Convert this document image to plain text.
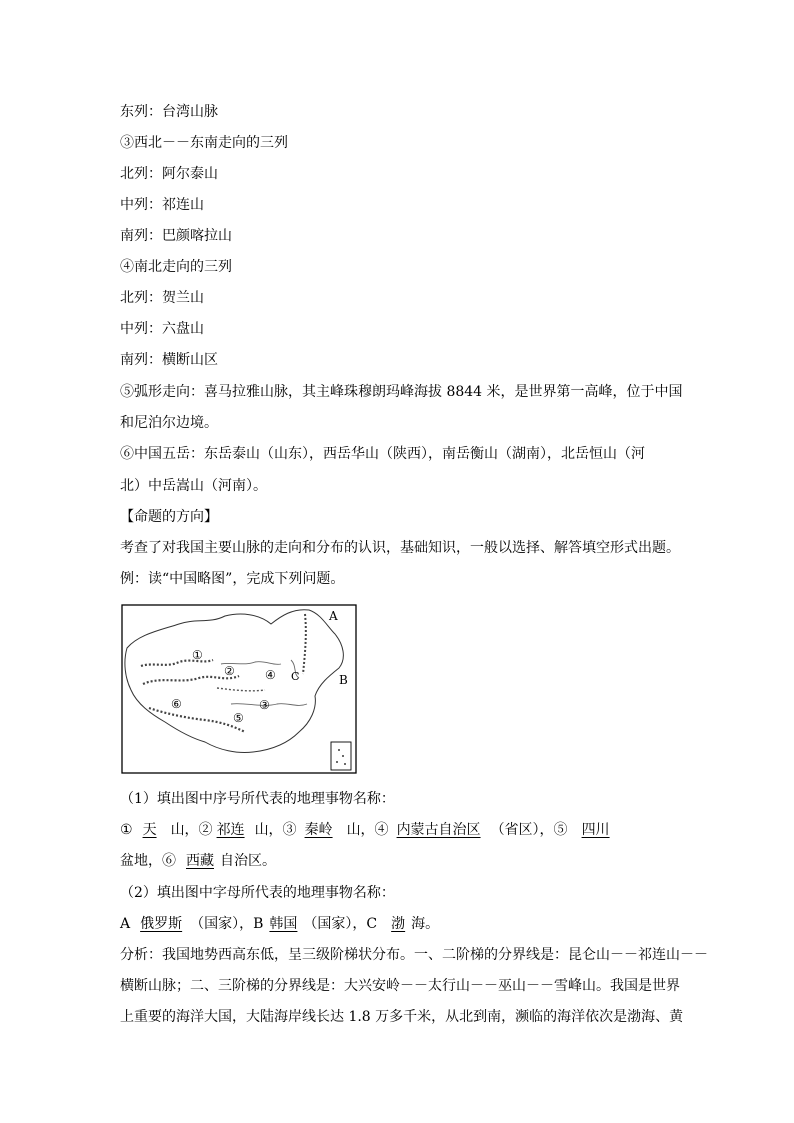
东列：台湾山脉
③西北－－东南走向的三列
北列：阿尔泰山
中列：祁连山
南列：巴颜喀拉山
④南北走向的三列
北列：贺兰山
中列：六盘山
南列：横断山区
⑤弧形走向：喜马拉雅山脉，其主峰珠穆朗玛峰海拔 8844 米，是世界第一高峰，位于中国
和尼泊尔边境。
⑥中国五岳：东岳泰山（山东），西岳华山（陕西），南岳衡山（湖南），北岳恒山（河
北）中岳嵩山（河南）。
【命题的方向】
考查了对我国主要山脉的走向和分布的认识，基础知识，一般以选择、解答填空形式出题。
例：读“中国略图”，完成下列问题。
①
②
③
④
⑤
⑥
A
B
C
（1）填出图中序号所代表的地理事物名称：
① 天 山，② 祁连 山，③ 秦岭 山，④ 内蒙古自治区 （省区），⑤ 四川
盆地，⑥ 西藏 自治区。
（2）填出图中字母所代表的地理事物名称：
A 俄罗斯 （国家），B 韩国 （国家），C 渤 海。
分析：我国地势西高东低，呈三级阶梯状分布。一、二阶梯的分界线是：昆仑山－－祁连山－－
横断山脉；二、三阶梯的分界线是：大兴安岭－－太行山－－巫山－－雪峰山。我国是世界
上重要的海洋大国，大陆海岸线长达 1.8 万多千米，从北到南，濒临的海洋依次是渤海、黄
